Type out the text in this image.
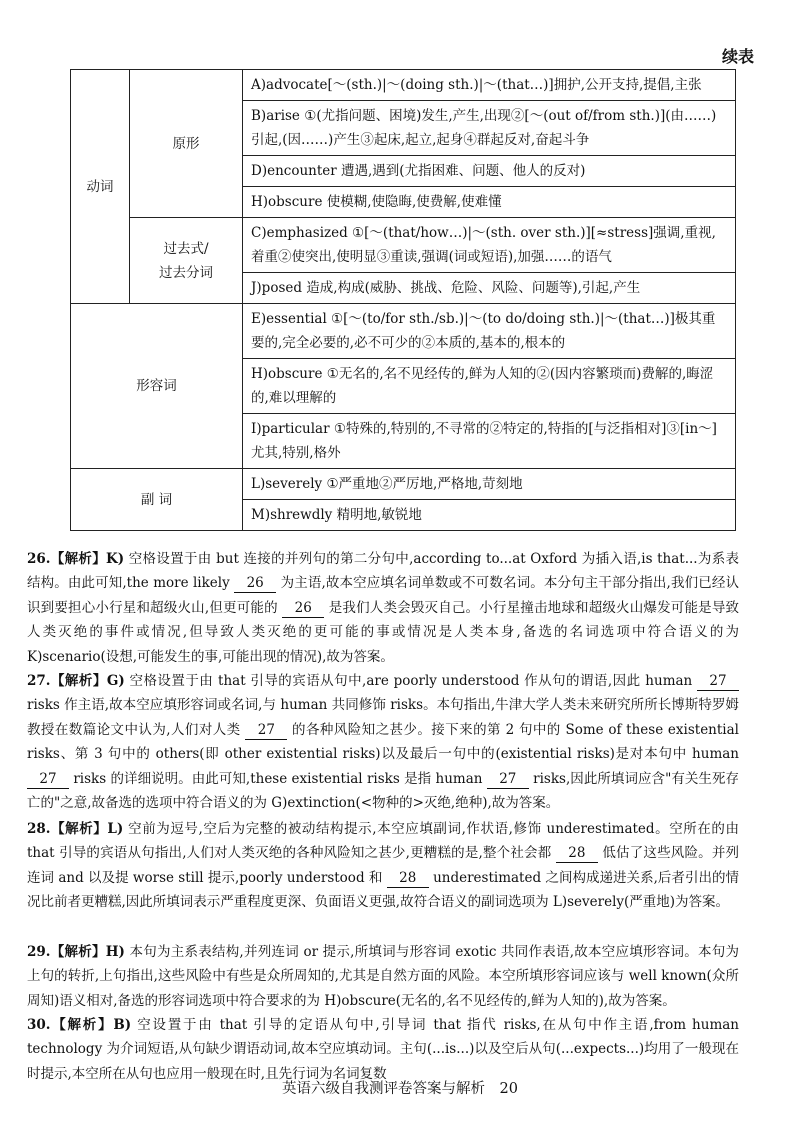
续表
动词	原形	A)advocate[～(sth.)|～(doing sth.)|～(that…)]拥护,公开支持,提倡,主张
		B)arise ①(尤指问题、困境)发生,产生,出现②[～(out of/from sth.)](由……)引起,(因……)产生③起床,起立,起身④群起反对,奋起斗争
		D)encounter 遭遇,遇到(尤指困难、问题、他人的反对)
		H)obscure 使模糊,使隐晦,使费解,使难懂

	过去式/
过去分词	C)emphasized ①[～(that/how…)|～(sth. over sth.)][≈stress]强调,重视,着重②使突出,使明显③重读,强调(词或短语),加强……的语气
		J)posed 造成,构成(威胁、挑战、危险、风险、问题等),引起,产生
形容词		E)essential ①[～(to/for sth./sb.)|～(to do/doing sth.)|～(that…)]极其重要的,完全必要的,必不可少的②本质的,基本的,根本的
		H)obscure ①无名的,名不见经传的,鲜为人知的②(因内容繁琐而)费解的,晦涩的,难以理解的
		I)particular ①特殊的,特别的,不寻常的②特定的,特指的[与泛指相对]③[in～]尤其,特别,格外
副 词		L)severely ①严重地②严厉地,严格地,苛刻地
		M)shrewdly 精明地,敏锐地

26.【解析】K) 空格设置于由 but 连接的并列句的第二分句中,according to...at Oxford 为插入语,is that...为系表结构。由此可知,the more likely 26 为主语,故本空应填名词单数或不可数名词。本分句主干部分指出,我们已经认识到要担心小行星和超级火山,但更可能的 26 是我们人类会毁灭自己。小行星撞击地球和超级火山爆发可能是导致人类灭绝的事件或情况,但导致人类灭绝的更可能的事或情况是人类本身,备选的名词选项中符合语义的为 K)scenario(设想,可能发生的事,可能出现的情况),故为答案。

27.【解析】G) 空格设置于由 that 引导的宾语从句中,are poorly understood 作从句的谓语,因此 human 27 risks 作主语,故本空应填形容词或名词,与 human 共同修饰 risks。本句指出,牛津大学人类未来研究所所长博斯特罗姆教授在数篇论文中认为,人们对人类 27 的各种风险知之甚少。接下来的第 2 句中的 Some of these existential risks、第 3 句中的 others(即 other existential risks)以及最后一句中的(existential risks)是对本句中 human 27 risks 的详细说明。由此可知,these existential risks 是指 human 27 risks,因此所填词应含"有关生死存亡的"之意,故备选的选项中符合语义的为 G)extinction(<物种的>灭绝,绝种),故为答案。

28.【解析】L) 空前为逗号,空后为完整的被动结构提示,本空应填副词,作状语,修饰 underestimated。空所在的由 that 引导的宾语从句指出,人们对人类灭绝的各种风险知之甚少,更糟糕的是,整个社会都 28 低估了这些风险。并列连词 and 以及提 worse still 提示,poorly understood 和 28 underestimated 之间构成递进关系,后者引出的情况比前者更糟糕,因此所填词表示严重程度更深、负面语义更强,故符合语义的副词选项为 L)severely(严重地)为答案。

29.【解析】H) 本句为主系表结构,并列连词 or 提示,所填词与形容词 exotic 共同作表语,故本空应填形容词。本句为上句的转折,上句指出,这些风险中有些是众所周知的,尤其是自然方面的风险。本空所填形容词应该与 well known(众所周知)语义相对,备选的形容词选项中符合要求的为 H)obscure(无名的,名不见经传的,鲜为人知的),故为答案。

30.【解析】B) 空设置于由 that 引导的定语从句中,引导词 that 指代 risks,在从句中作主语,from human technology 为介词短语,从句缺少谓语动词,故本空应填动词。主句(...is...)以及空后从句(...expects...)均用了一般现在时提示,本空所在从句也应用一般现在时,且先行词为名词复数

英语六级自我测评卷答案与解析　20
